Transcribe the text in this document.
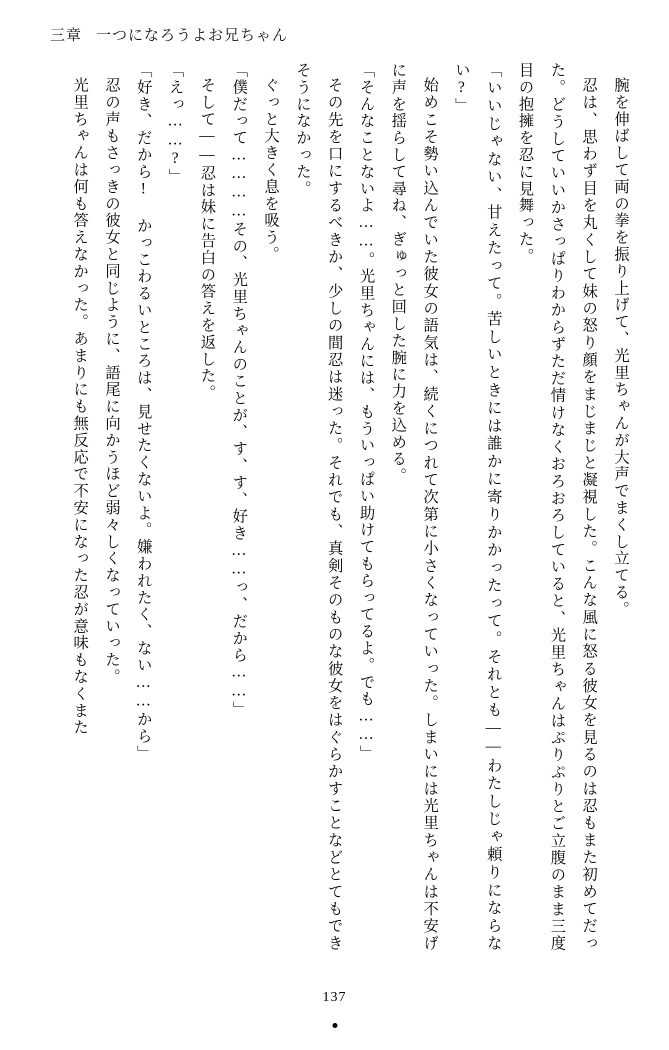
三章 一つになろうよお兄ちゃん

腕を伸ばして両の拳を振り上げて、光里ちゃんが大声でまくし立てる。

忍は、思わず目を丸くして妹の怒り顔をまじまじと凝視した。こんな風に怒る彼女を見るのは忍もまた初めてだった。どうしていいかさっぱりわからずただ情けなくおろおろしていると、光里ちゃんはぷりぷりとご立腹のまま三度目の抱擁を忍に見舞った。

「いいじゃない、甘えたって。苦しいときには誰かに寄りかかったって。それとも——わたしじゃ頼りにならない?」

始めこそ勢い込んでいた彼女の語気は、続くにつれて次第に小さくなっていった。しまいには光里ちゃんは不安げに声を揺らして尋ね、ぎゅっと回した腕に力を込める。

「そんなことないよ……。光里ちゃんには、もういっぱい助けてもらってるよ。でも……」

その先を口にするべきか、少しの間忍は迷った。それでも、真剣そのものな彼女をはぐらかすことなどとてもできそうになかった。

ぐっと大きく息を吸う。

「僕だって…………その、光里ちゃんのことが、す、す、好き……っ、だから……」

そして——忍は妹に告白の答えを返した。

「えっ……?」

「好き、だから! かっこわるいところは、見せたくないよ。嫌われたく、ない……から」

忍の声もさっきの彼女と同じように、語尾に向かうほど弱々しくなっていった。

光里ちゃんは何も答えなかった。あまりにも無反応で不安になった忍が意味もなくまた

137
